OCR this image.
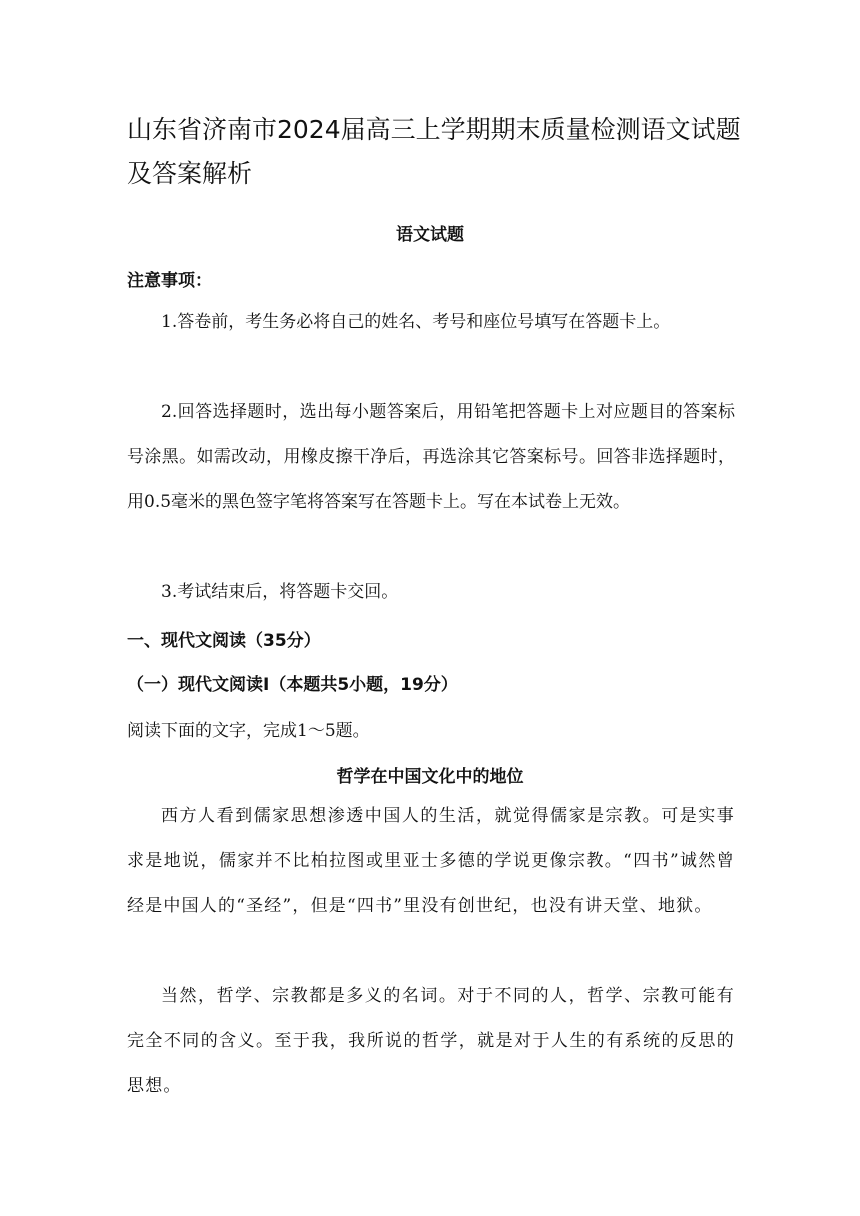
山东省济南市2024届高三上学期期末质量检测语文试题及答案解析
语文试题
注意事项：

1.答卷前，考生务必将自己的姓名、考号和座位号填写在答题卡上。

2.回答选择题时，选出每小题答案后，用铅笔把答题卡上对应题目的答案标号涂黑。如需改动，用橡皮擦干净后，再选涂其它答案标号。回答非选择题时，用0.5毫米的黑色签字笔将答案写在答题卡上。写在本试卷上无效。

3.考试结束后，将答题卡交回。

一、现代文阅读（35分）
（一）现代文阅读Ⅰ（本题共5小题，19分）

阅读下面的文字，完成1～5题。

哲学在中国文化中的地位

西方人看到儒家思想渗透中国人的生活，就觉得儒家是宗教。可是实事求是地说，儒家并不比柏拉图或里亚士多德的学说更像宗教。“四书”诚然曾经是中国人的“圣经”，但是“四书”里没有创世纪，也没有讲天堂、地狱。

当然，哲学、宗教都是多义的名词。对于不同的人，哲学、宗教可能有完全不同的含义。至于我，我所说的哲学，就是对于人生的有系统的反思的思想。
